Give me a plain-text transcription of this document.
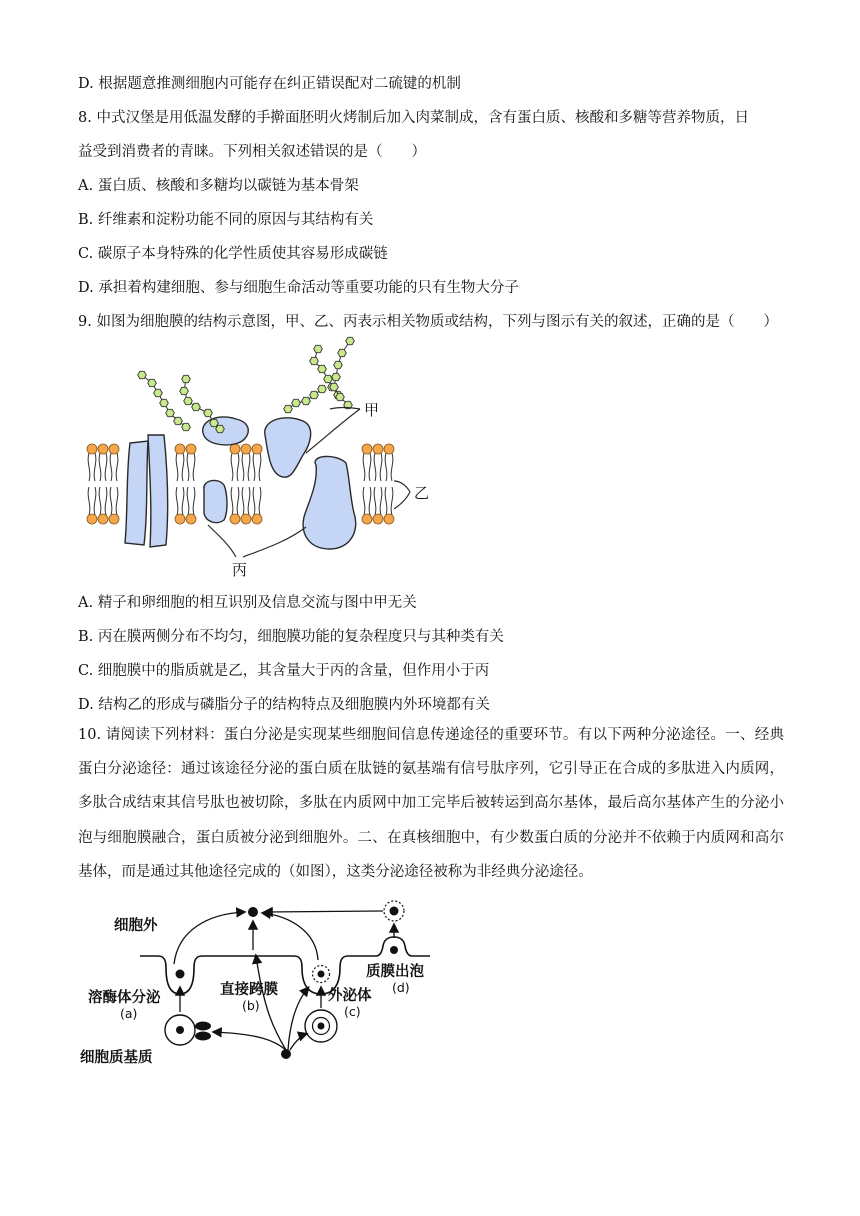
D. 根据题意推测细胞内可能存在纠正错误配对二硫键的机制
8. 中式汉堡是用低温发酵的手擀面胚明火烤制后加入肉菜制成，含有蛋白质、核酸和多糖等营养物质，日
益受到消费者的青睐。下列相关叙述错误的是（　　）
A. 蛋白质、核酸和多糖均以碳链为基本骨架
B. 纤维素和淀粉功能不同的原因与其结构有关
C. 碳原子本身特殊的化学性质使其容易形成碳链
D. 承担着构建细胞、参与细胞生命活动等重要功能的只有生物大分子
9. 如图为细胞膜的结构示意图，甲、乙、丙表示相关物质或结构，下列与图示有关的叙述，正确的是（　　）
甲
乙
丙
A. 精子和卵细胞的相互识别及信息交流与图中甲无关
B. 丙在膜两侧分布不均匀，细胞膜功能的复杂程度只与其种类有关
C. 细胞膜中的脂质就是乙，其含量大于丙的含量，但作用小于丙
D. 结构乙的形成与磷脂分子的结构特点及细胞膜内外环境都有关
10. 请阅读下列材料：蛋白分泌是实现某些细胞间信息传递途径的重要环节。有以下两种分泌途径。一、经典蛋白分泌途径：通过该途径分泌的蛋白质在肽链的氨基端有信号肽序列，它引导正在合成的多肽进入内质网，多肽合成结束其信号肽也被切除，多肽在内质网中加工完毕后被转运到高尔基体，最后高尔基体产生的分泌小泡与细胞膜融合，蛋白质被分泌到细胞外。二、在真核细胞中，有少数蛋白质的分泌并不依赖于内质网和高尔基体，而是通过其他途径完成的（如图），这类分泌途径被称为非经典分泌途径。
细胞外
细胞质基质
溶酶体分泌
(a)
直接跨膜
(b)
外泌体
(c)
质膜出泡
(d)
